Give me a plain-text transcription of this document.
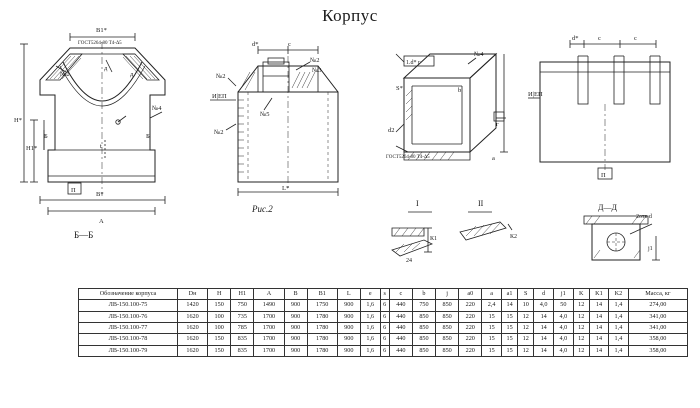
Корпус
В1*
ГОСТ5264-80 Т4-Δ5
№2
д
д
№4
t
Н*
Н1*
Б	Б
П
В*
А
Б—Б
№2
№2
№2
№3
№5
И|ЕП
d*	c
L*
Рис.2
1.d* г
S*	b
№4
г
a
d2
ГОСТ5264-80 Т4-Δ5
И|ЕП
d*	c	c
П
I	II	Д—Д
24
К1	К2
2отв d
j1
Обозначение корпуса	Dн	H	H1	A	B	B1	L	e	s	c	b	j	a0	a	a1	S	d	j1	K	K1	K2	Масса, кг
ЛВ-150.100-75	1420	150	750	1490	900	1750	900	1,6	6	440	750	850	220	2,4	14	10	4,0	50	12	14	1,4	274,00
ЛВ-150.100-76	1620	100	735	1700	900	1780	900	1,6	6	440	850	850	220	15	15	12	14	4,0	12	14	1,4	341,00
ЛВ-150.100-77	1620	100	785	1700	900	1780	900	1,6	6	440	850	850	220	15	15	12	14	4,0	12	14	1,4	341,00
ЛВ-150.100-78	1620	150	835	1700	900	1780	900	1,6	6	440	850	850	220	15	15	12	14	4,0	12	14	1,4	358,00
ЛВ-150.100-79	1620	150	835	1700	900	1780	900	1,6	6	440	850	850	220	15	15	12	14	4,0	12	14	1,4	358,00
